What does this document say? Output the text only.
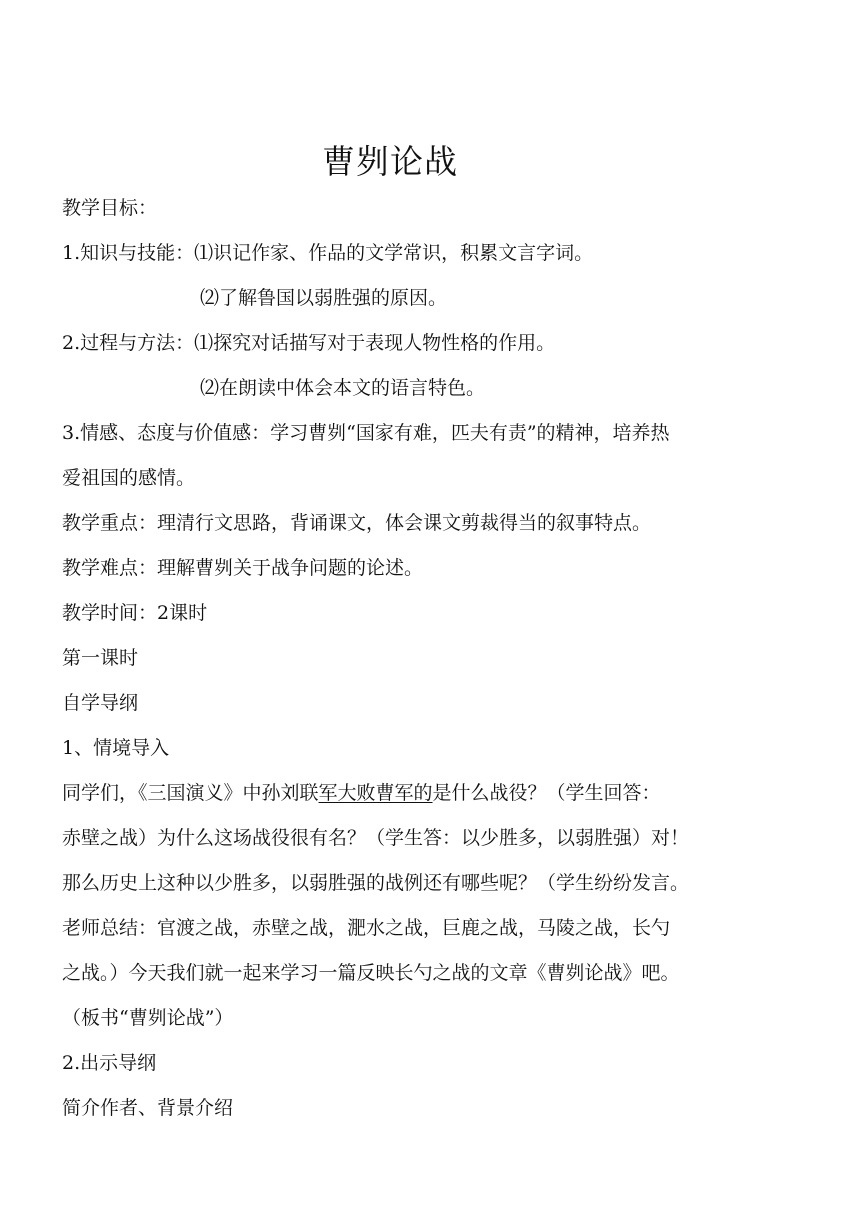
曹刿论战
教学目标：
1.知识与技能：⑴识记作家、作品的文学常识，积累文言字词。
⑵了解鲁国以弱胜强的原因。
2.过程与方法：⑴探究对话描写对于表现人物性格的作用。
⑵在朗读中体会本文的语言特色。
3.情感、态度与价值感：学习曹刿“国家有难，匹夫有责”的精神，培养热
爱祖国的感情。
教学重点：理清行文思路，背诵课文，体会课文剪裁得当的叙事特点。
教学难点：理解曹刿关于战争问题的论述。
教学时间：2课时
第一课时
自学导纲
1、情境导入
同学们，《三国演义》中孙刘联军大败曹军的是什么战役？（学生回答：
赤壁之战）为什么这场战役很有名？（学生答：以少胜多，以弱胜强）对！
那么历史上这种以少胜多，以弱胜强的战例还有哪些呢？（学生纷纷发言。
老师总结：官渡之战，赤壁之战，淝水之战，巨鹿之战，马陵之战，长勺
之战。）今天我们就一起来学习一篇反映长勺之战的文章《曹刿论战》吧。
（板书“曹刿论战”）
2.出示导纲
简介作者、背景介绍
